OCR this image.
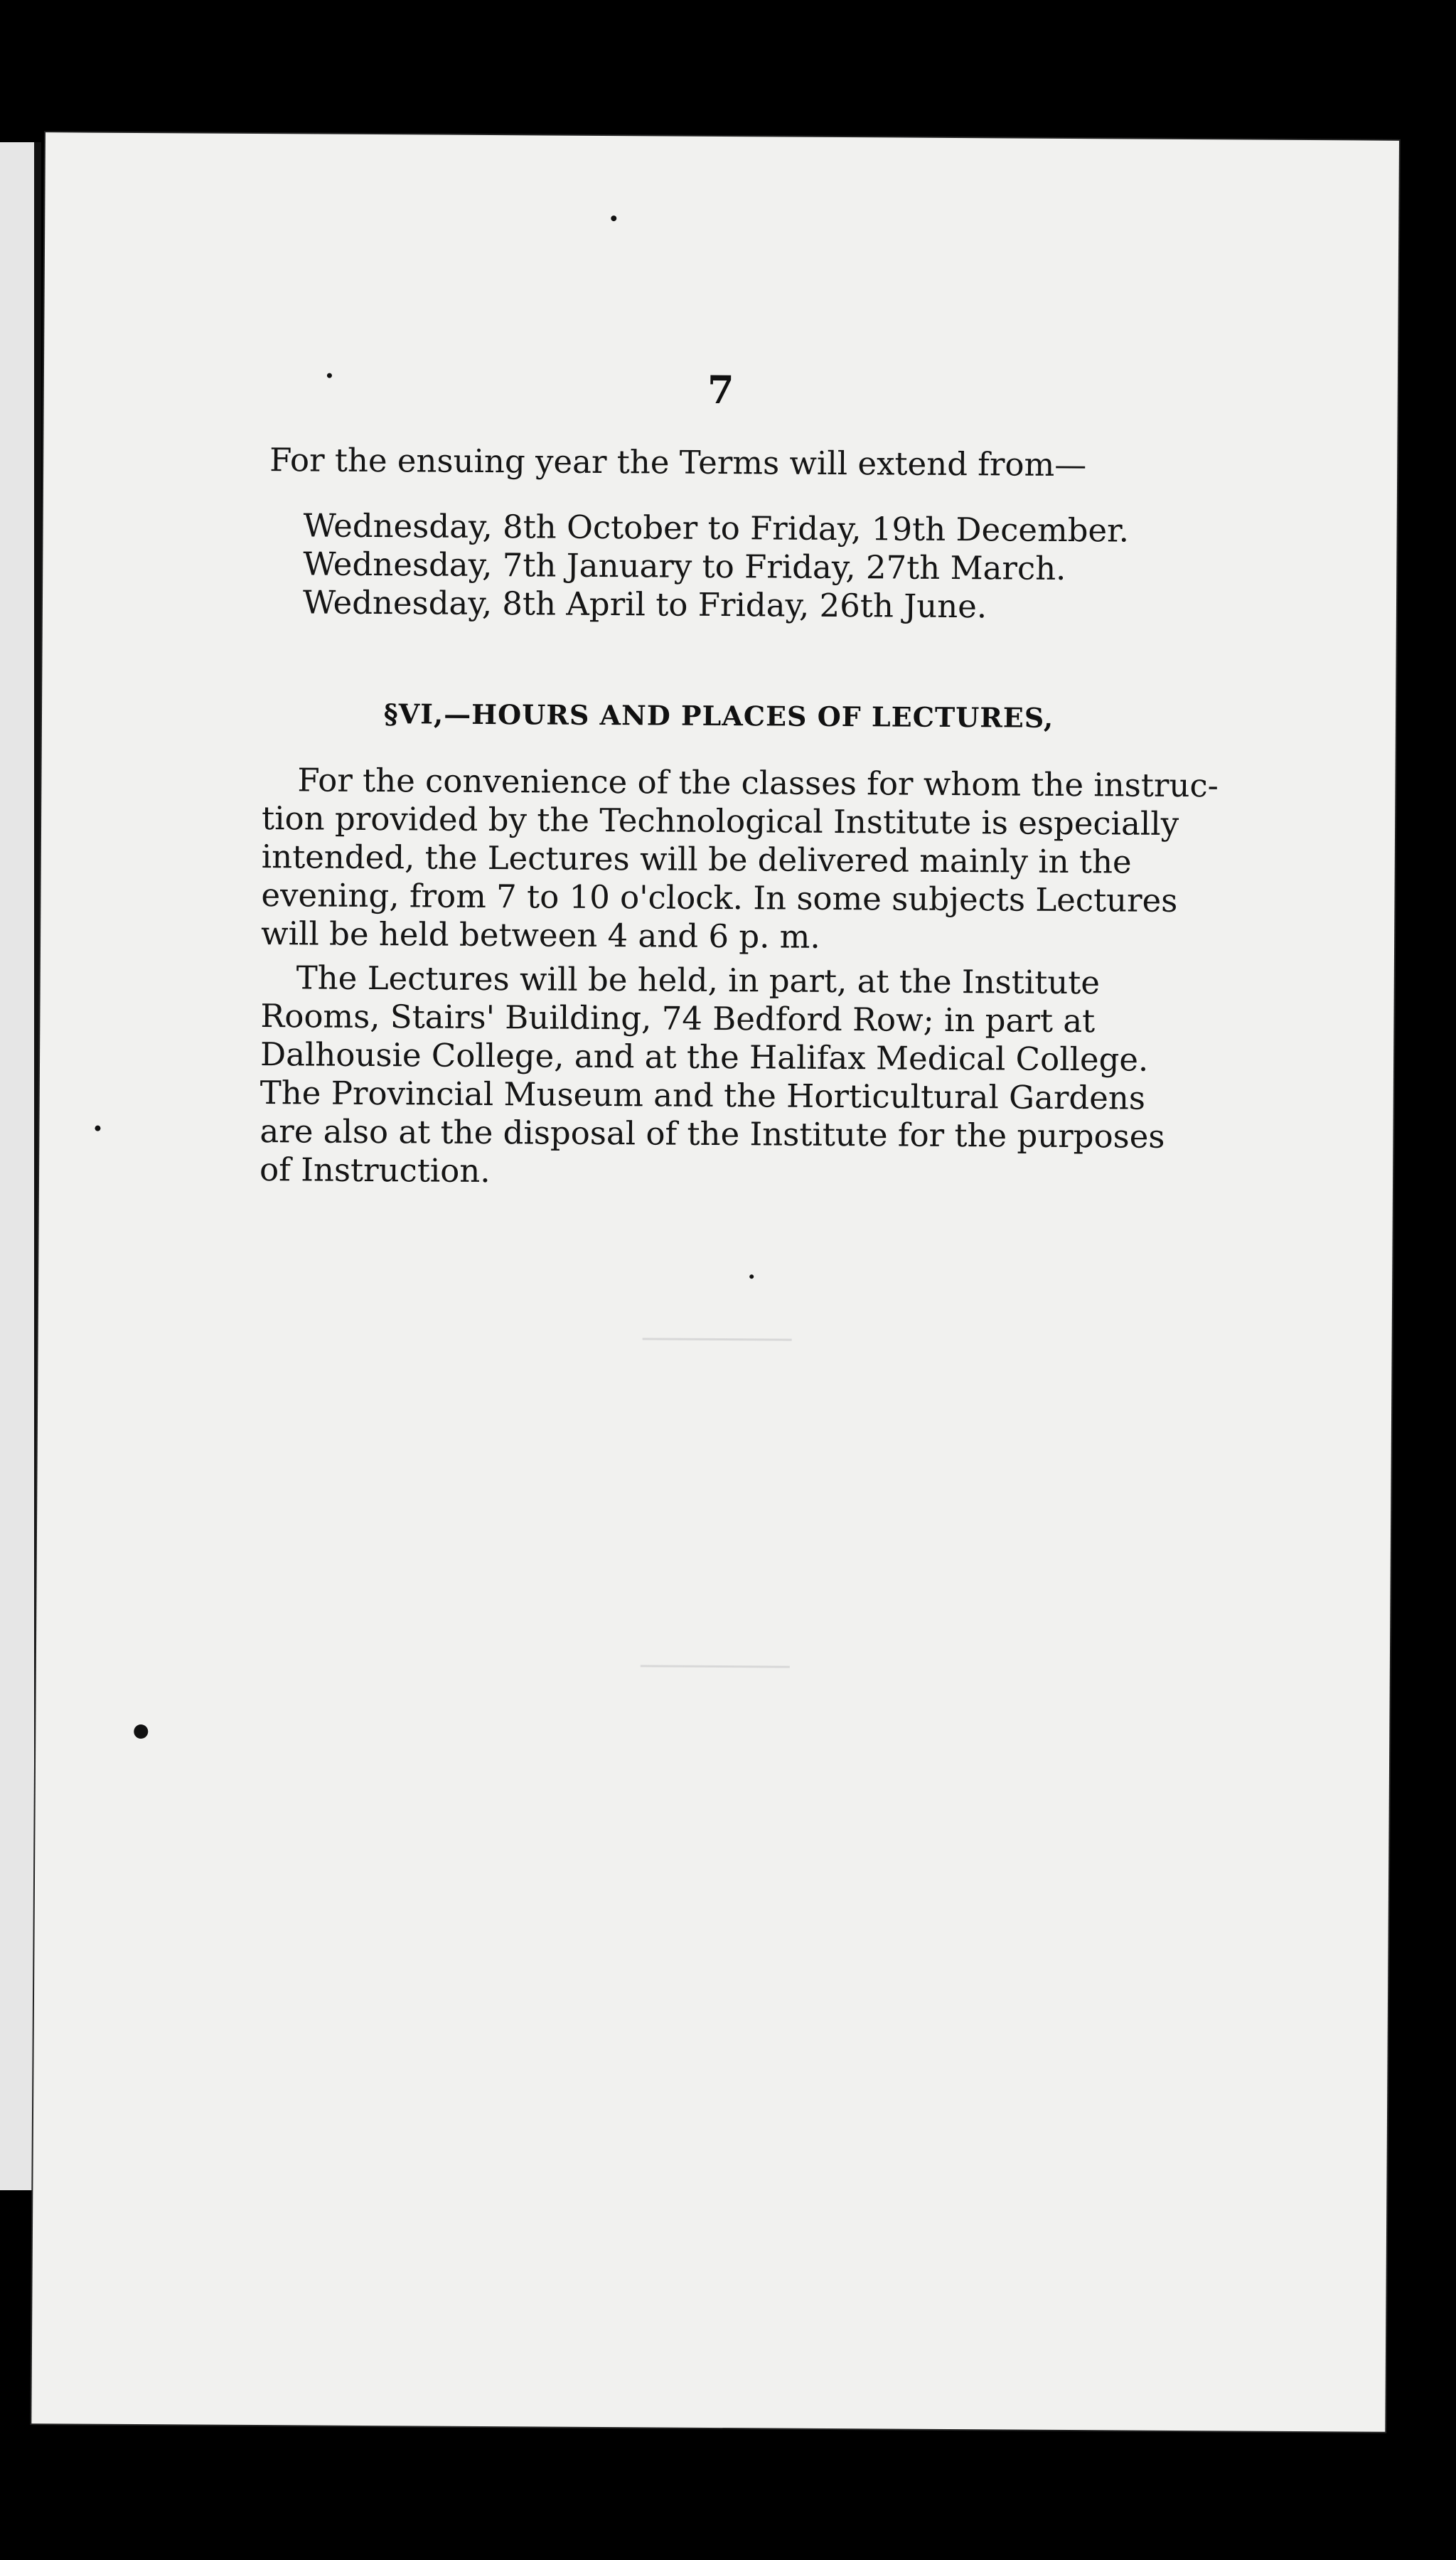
7
For the ensuing year the Terms will extend from—
Wednesday, 8th October to Friday, 19th December.
Wednesday, 7th January to Friday, 27th March.
Wednesday, 8th April to Friday, 26th June.
§VI,—HOURS AND PLACES OF LECTURES,
For the convenience of the classes for whom the instruc-
tion provided by the Technological Institute is especially
intended, the Lectures will be delivered mainly in the
evening, from 7 to 10 o'clock. In some subjects Lectures
will be held between 4 and 6 p. m.
The Lectures will be held, in part, at the Institute
Rooms, Stairs' Building, 74 Bedford Row; in part at
Dalhousie College, and at the Halifax Medical College.
The Provincial Museum and the Horticultural Gardens
are also at the disposal of the Institute for the purposes
of Instruction.
